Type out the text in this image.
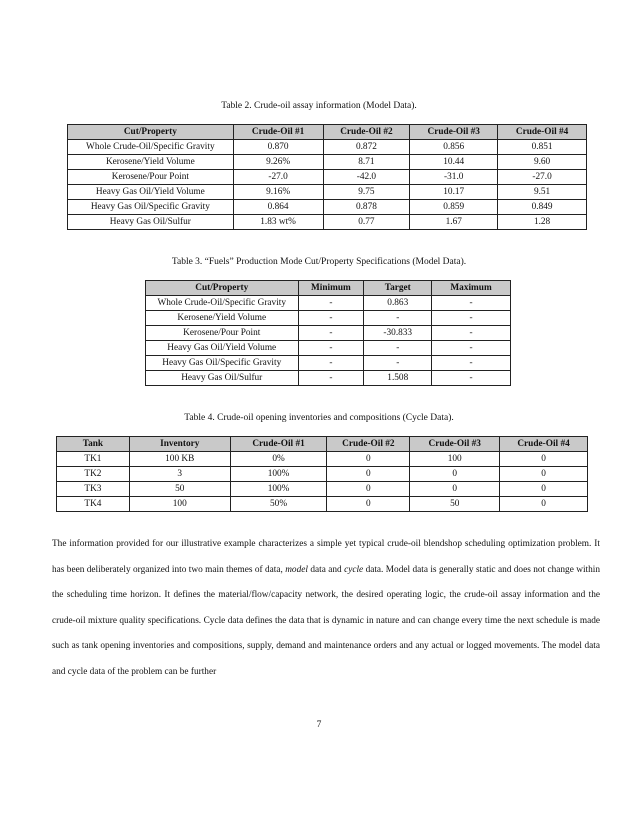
Table 2. Crude-oil assay information (Model Data).
Cut/Property	Crude-Oil #1	Crude-Oil #2	Crude-Oil #3	Crude-Oil #4
Whole Crude-Oil/Specific Gravity	0.870	0.872	0.856	0.851
Kerosene/Yield Volume	9.26%	8.71	10.44	9.60
Kerosene/Pour Point	-27.0	-42.0	-31.0	-27.0
Heavy Gas Oil/Yield Volume	9.16%	9.75	10.17	9.51
Heavy Gas Oil/Specific Gravity	0.864	0.878	0.859	0.849
Heavy Gas Oil/Sulfur	1.83 wt%	0.77	1.67	1.28
Table 3. “Fuels” Production Mode Cut/Property Specifications (Model Data).
Cut/Property	Minimum	Target	Maximum
Whole Crude-Oil/Specific Gravity	-	0.863	-
Kerosene/Yield Volume	-	-	-
Kerosene/Pour Point	-	-30.833	-
Heavy Gas Oil/Yield Volume	-	-	-
Heavy Gas Oil/Specific Gravity	-	-	-
Heavy Gas Oil/Sulfur	-	1.508	-
Table 4. Crude-oil opening inventories and compositions (Cycle Data).
Tank	Inventory	Crude-Oil #1	Crude-Oil #2	Crude-Oil #3	Crude-Oil #4
TK1	100 KB	0%	0	100	0
TK2	3	100%	0	0	0
TK3	50	100%	0	0	0
TK4	100	50%	0	50	0
The information provided for our illustrative example characterizes a simple yet typical crude-oil blendshop scheduling optimization problem. It has been deliberately organized into two main themes of data, model data and cycle data. Model data is generally static and does not change within the scheduling time horizon. It defines the material/flow/capacity network, the desired operating logic, the crude-oil assay information and the crude-oil mixture quality specifications. Cycle data defines the data that is dynamic in nature and can change every time the next schedule is made such as tank opening inventories and compositions, supply, demand and maintenance orders and any actual or logged movements. The model data and cycle data of the problem can be further
7
